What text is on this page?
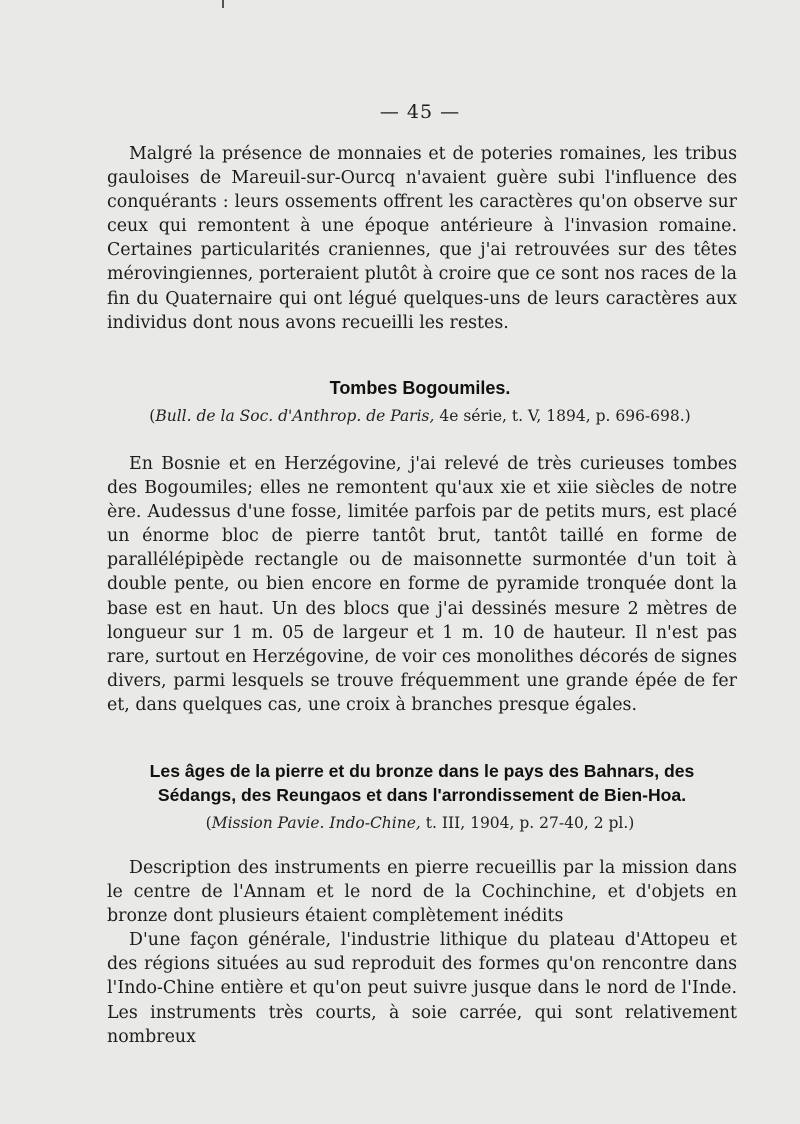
— 45 —

Malgré la présence de monnaies et de poteries romaines, les tribus gauloises de Mareuil-sur-Ourcq n'avaient guère subi l'influence des conquérants : leurs ossements offrent les caractères qu'on observe sur ceux qui remontent à une époque antérieure à l'invasion romaine. Certaines particularités craniennes, que j'ai retrouvées sur des têtes mérovingiennes, porteraient plutôt à croire que ce sont nos races de la fin du Quaternaire qui ont légué quelques-uns de leurs caractères aux individus dont nous avons recueilli les restes.

Tombes Bogoumiles.
(Bull. de la Soc. d'Anthrop. de Paris, 4e série, t. V, 1894, p. 696-698.)

En Bosnie et en Herzégovine, j'ai relevé de très curieuses tombes des Bogoumiles; elles ne remontent qu'aux xie et xiie siècles de notre ère. Audessus d'une fosse, limitée parfois par de petits murs, est placé un énorme bloc de pierre tantôt brut, tantôt taillé en forme de parallélépipède rectangle ou de maisonnette surmontée d'un toit à double pente, ou bien encore en forme de pyramide tronquée dont la base est en haut. Un des blocs que j'ai dessinés mesure 2 mètres de longueur sur 1 m. 05 de largeur et 1 m. 10 de hauteur. Il n'est pas rare, surtout en Herzégovine, de voir ces monolithes décorés de signes divers, parmi lesquels se trouve fréquemment une grande épée de fer et, dans quelques cas, une croix à branches presque égales.

Les âges de la pierre et du bronze dans le pays des Bahnars, des
Sédangs, des Reungaos et dans l'arrondissement de Bien-Hoa.
(Mission Pavie. Indo-Chine, t. III, 1904, p. 27-40, 2 pl.)

Description des instruments en pierre recueillis par la mission dans le centre de l'Annam et le nord de la Cochinchine, et d'objets en bronze dont plusieurs étaient complètement inédits

D'une façon générale, l'industrie lithique du plateau d'Attopeu et des régions situées au sud reproduit des formes qu'on rencontre dans l'Indo-Chine entière et qu'on peut suivre jusque dans le nord de l'Inde. Les instruments très courts, à soie carrée, qui sont relativement nombreux
